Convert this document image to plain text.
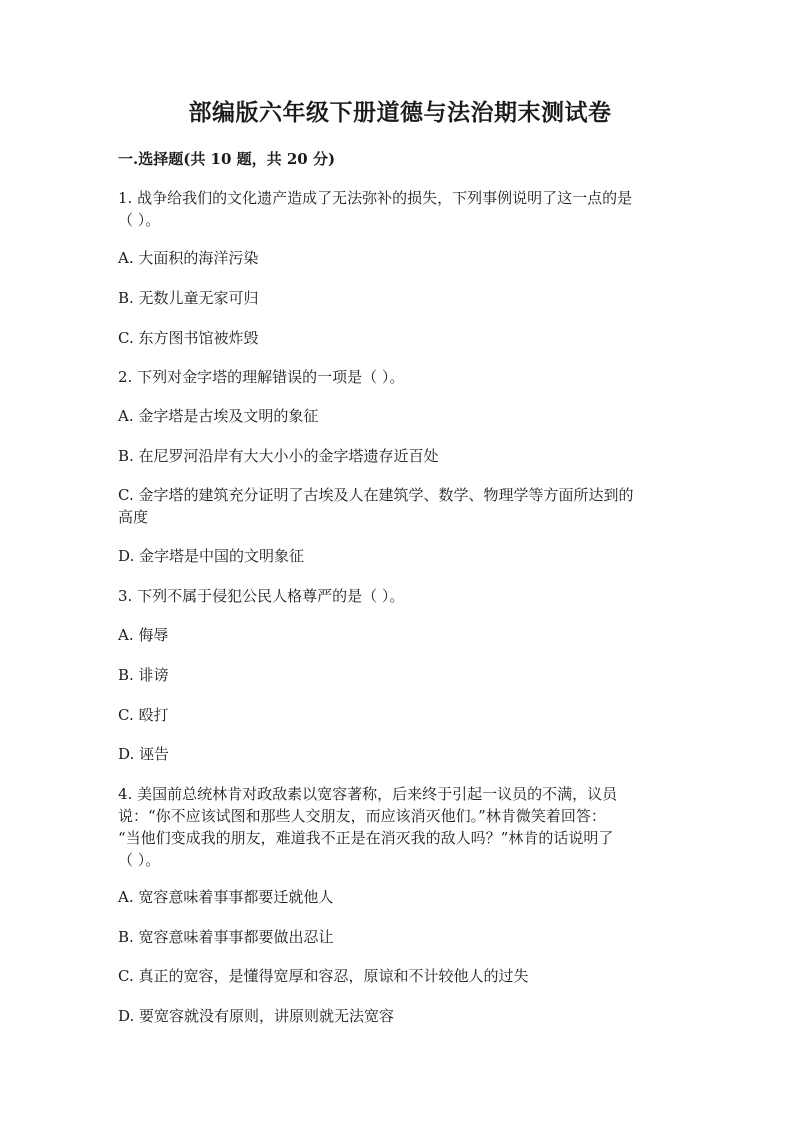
部编版六年级下册道德与法治期末测试卷
一.选择题(共 10 题，共 20 分)
1. 战争给我们的文化遗产造成了无法弥补的损失，下列事例说明了这一点的是
（ ）。
A. 大面积的海洋污染
B. 无数儿童无家可归
C. 东方图书馆被炸毁
2. 下列对金字塔的理解错误的一项是（ ）。
A. 金字塔是古埃及文明的象征
B. 在尼罗河沿岸有大大小小的金字塔遗存近百处
C. 金字塔的建筑充分证明了古埃及人在建筑学、数学、物理学等方面所达到的
高度
D. 金字塔是中国的文明象征
3. 下列不属于侵犯公民人格尊严的是（ ）。
A. 侮辱
B. 诽谤
C. 殴打
D. 诬告
4. 美国前总统林肯对政敌素以宽容著称，后来终于引起一议员的不满，议员
说：“你不应该试图和那些人交朋友，而应该消灭他们。”林肯微笑着回答：
“当他们变成我的朋友，难道我不正是在消灭我的敌人吗？”林肯的话说明了
（ ）。
A. 宽容意味着事事都要迁就他人
B. 宽容意味着事事都要做出忍让
C. 真正的宽容，是懂得宽厚和容忍，原谅和不计较他人的过失
D. 要宽容就没有原则，讲原则就无法宽容
